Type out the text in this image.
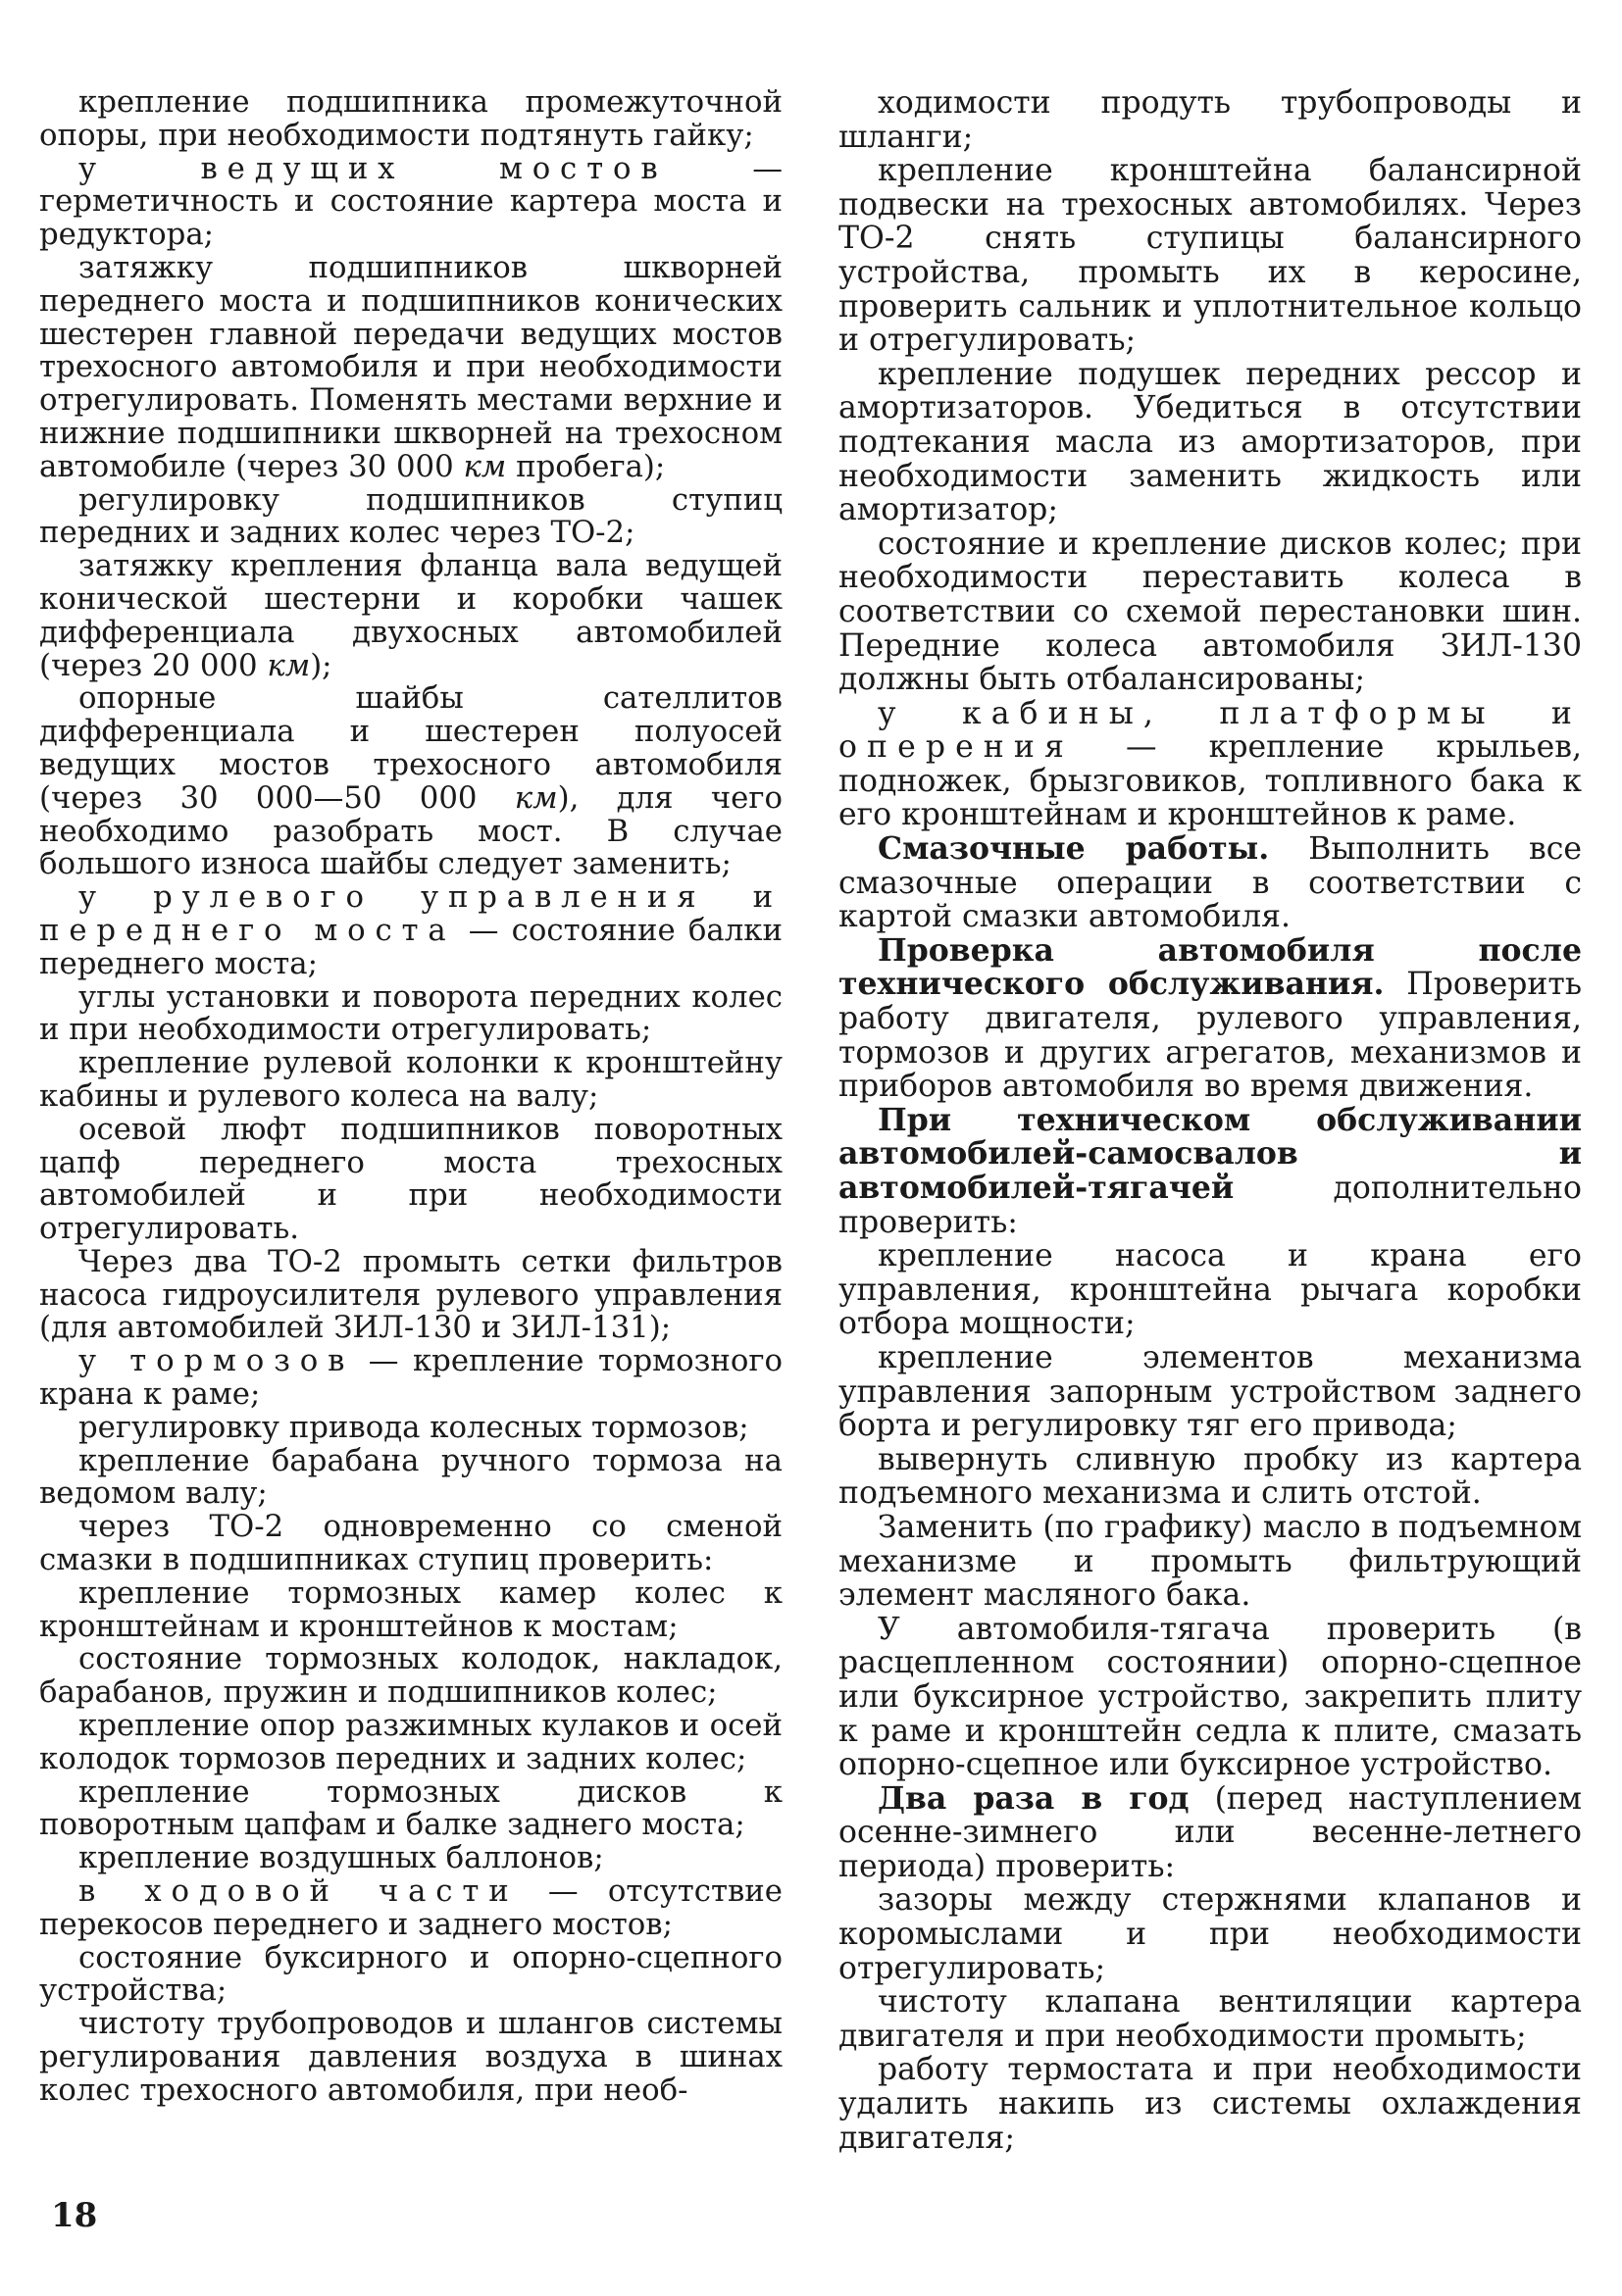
крепление подшипника промежуточной опоры, при необходимости подтянуть гайку;

у ведущих мостов — герметичность и состояние картера моста и редуктора;

затяжку подшипников шкворней переднего моста и подшипников конических шестерен главной передачи ведущих мостов трехосного автомобиля и при необходимости отрегулировать. Поменять местами верхние и нижние подшипники шкворней на трехосном автомобиле (через 30 000 км пробега);

регулировку подшипников ступиц передних и задних колес через ТО-2;

затяжку крепления фланца вала ведущей конической шестерни и коробки чашек дифференциала двухосных автомобилей (через 20 000 км);

опорные шайбы сателлитов дифференциала и шестерен полуосей ведущих мостов трехосного автомобиля (через 30 000—50 000 км), для чего необходимо разобрать мост. В случае большого износа шайбы следует заменить;

у рулевого управления и переднего моста — состояние балки переднего моста;

углы установки и поворота передних колес и при необходимости отрегулировать;

крепление рулевой колонки к кронштейну кабины и рулевого колеса на валу;

осевой люфт подшипников поворотных цапф переднего моста трехосных автомобилей и при необходимости отрегулировать.

Через два ТО-2 промыть сетки фильтров насоса гидроусилителя рулевого управления (для автомобилей ЗИЛ-130 и ЗИЛ-131);

у тормозов — крепление тормозного крана к раме;

регулировку привода колесных тормозов;

крепление барабана ручного тормоза на ведомом валу;

через ТО-2 одновременно со сменой смазки в подшипниках ступиц проверить:

крепление тормозных камер колес к кронштейнам и кронштейнов к мостам;

состояние тормозных колодок, накладок, барабанов, пружин и подшипников колес;

крепление опор разжимных кулаков и осей колодок тормозов передних и задних колес;

крепление тормозных дисков к поворотным цапфам и балке заднего моста;

крепление воздушных баллонов;

в ходовой части — отсутствие перекосов переднего и заднего мостов;

состояние буксирного и опорно-сцепного устройства;

чистоту трубопроводов и шлангов системы регулирования давления воздуха в шинах колес трехосного автомобиля, при необ-

ходимости продуть трубопроводы и шланги;

крепление кронштейна балансирной подвески на трехосных автомобилях. Через ТО-2 снять ступицы балансирного устройства, промыть их в керосине, проверить сальник и уплотнительное кольцо и отрегулировать;

крепление подушек передних рессор и амортизаторов. Убедиться в отсутствии подтекания масла из амортизаторов, при необходимости заменить жидкость или амортизатор;

состояние и крепление дисков колес; при необходимости переставить колеса в соответствии со схемой перестановки шин. Передние колеса автомобиля ЗИЛ-130 должны быть отбалансированы;

у кабины, платформы и оперения — крепление крыльев, подножек, брызговиков, топливного бака к его кронштейнам и кронштейнов к раме.

Смазочные работы. Выполнить все смазочные операции в соответствии с картой смазки автомобиля.

Проверка автомобиля после технического обслуживания. Проверить работу двигателя, рулевого управления, тормозов и других агрегатов, механизмов и приборов автомобиля во время движения.

При техническом обслуживании автомобилей-самосвалов и автомобилей-тягачей дополнительно проверить:

крепление насоса и крана его управления, кронштейна рычага коробки отбора мощности;

крепление элементов механизма управления запорным устройством заднего борта и регулировку тяг его привода;

вывернуть сливную пробку из картера подъемного механизма и слить отстой.

Заменить (по графику) масло в подъемном механизме и промыть фильтрующий элемент масляного бака.

У автомобиля-тягача проверить (в расцепленном состоянии) опорно-сцепное или буксирное устройство, закрепить плиту к раме и кронштейн седла к плите, смазать опорно-сцепное или буксирное устройство.

Два раза в год (перед наступлением осенне-зимнего или весенне-летнего периода) проверить:

зазоры между стержнями клапанов и коромыслами и при необходимости отрегулировать;

чистоту клапана вентиляции картера двигателя и при необходимости промыть;

работу термостата и при необходимости удалить накипь из системы охлаждения двигателя;

18
